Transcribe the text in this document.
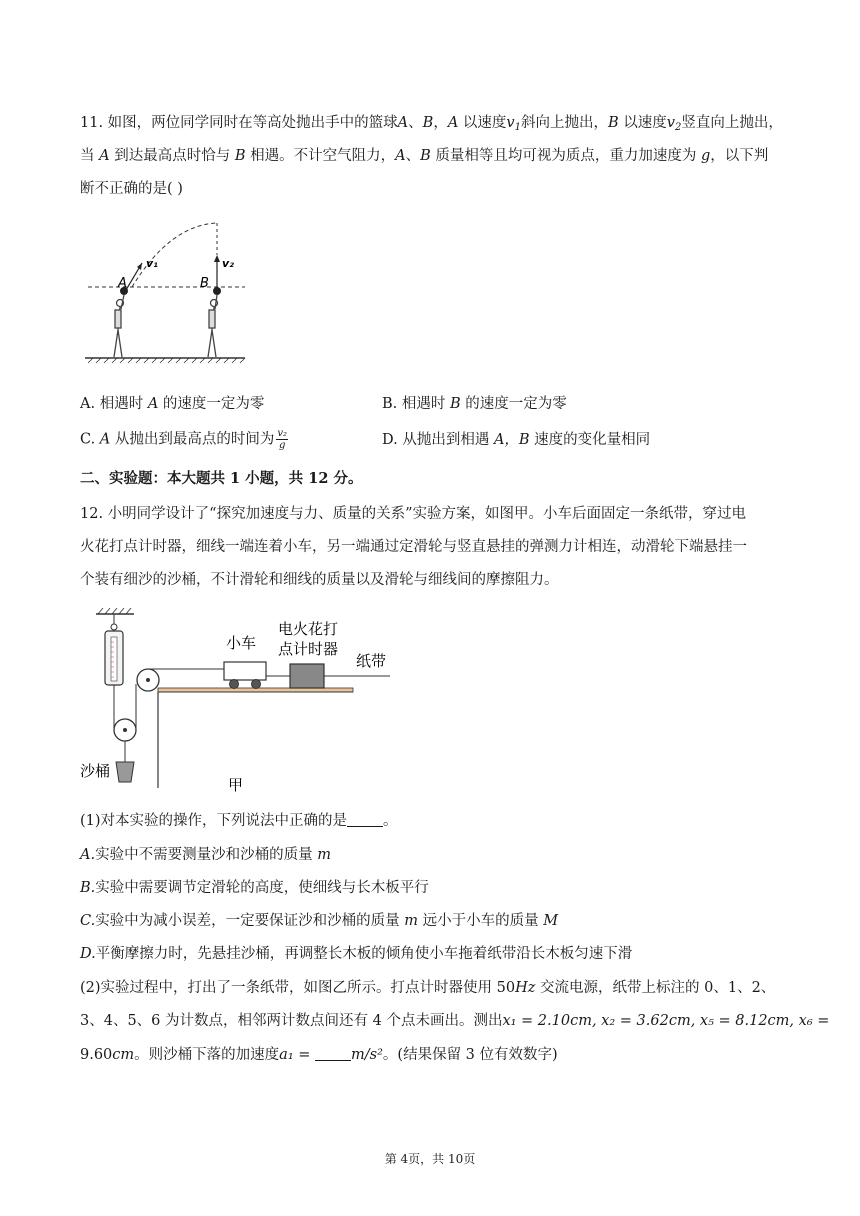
11. 如图，两位同学同时在等高处抛出手中的篮球A、B，A 以速度$v_1$斜向上抛出，B 以速度$v_2$竖直向上抛出，
当 A 到达最高点时恰与 B 相遇。不计空气阻力，A、B 质量相等且均可视为质点，重力加速度为 g，以下判
断不正确的是( )
A
v₁
B
v₂
A. 相遇时 A 的速度一定为零	B. 相遇时 B 的速度一定为零
C. A 从抛出到最高点的时间为 $\frac{\text{v₂}}{g}$	D. 从抛出到相遇 A，B 速度的变化量相同
二、实验题：本大题共 1 小题，共 12 分。
12. 小明同学设计了“探究加速度与力、质量的关系”实验方案，如图甲。小车后面固定一条纸带，穿过电
火花打点计时器，细线一端连着小车，另一端通过定滑轮与竖直悬挂的弹测力计相连，动滑轮下端悬挂一
个装有细沙的沙桶，不计滑轮和细线的质量以及滑轮与细线间的摩擦阻力。
小车
电火花打
点计时器
纸带
沙桶
甲
(1)对本实验的操作，下列说法中正确的是 。
A.实验中不需要测量沙和沙桶的质量 m
B.实验中需要调节定滑轮的高度，使细线与长木板平行
C.实验中为减小误差，一定要保证沙和沙桶的质量 m 远小于小车的质量 M
D.平衡摩擦力时，先悬挂沙桶，再调整长木板的倾角使小车拖着纸带沿长木板匀速下滑
(2)实验过程中，打出了一条纸带，如图乙所示。打点计时器使用 50Hz 交流电源，纸带上标注的 0、1、2、
3、4、5、6 为计数点，相邻两计数点间还有 4 个点未画出。测出x₁ = 2.10cm, x₂ = 3.62cm, x₅ = 8.12cm, x₆ =
9.60cm。则沙桶下落的加速度a₁ = m/s²。(结果保留 3 位有效数字)
第 4页，共 10页
